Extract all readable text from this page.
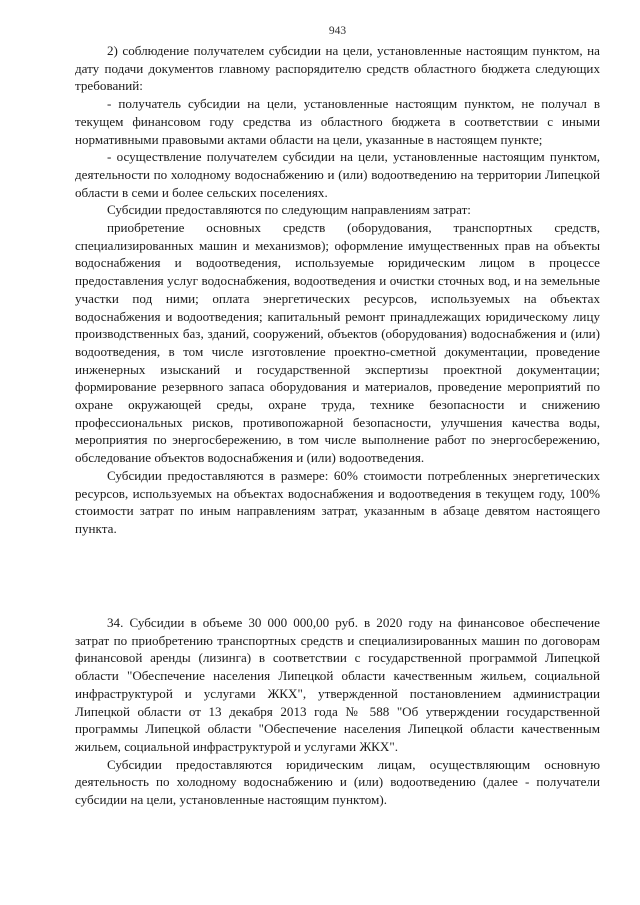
943

2) соблюдение получателем субсидии на цели, установленные настоящим пунктом, на дату подачи документов главному распорядителю средств областного бюджета следующих требований:

- получатель субсидии на цели, установленные настоящим пунктом, не получал в текущем финансовом году средства из областного бюджета в соответствии с иными нормативными правовыми актами области на цели, указанные в настоящем пункте;

- осуществление получателем субсидии на цели, установленные настоящим пунктом, деятельности по холодному водоснабжению и (или) водоотведению на территории Липецкой области в семи и более сельских поселениях.

Субсидии предоставляются по следующим направлениям затрат:

приобретение основных средств (оборудования, транспортных средств, специализированных машин и механизмов); оформление имущественных прав на объекты водоснабжения и водоотведения, используемые юридическим лицом в процессе предоставления услуг водоснабжения, водоотведения и очистки сточных вод, и на земельные участки под ними; оплата энергетических ресурсов, используемых на объектах водоснабжения и водоотведения; капитальный ремонт принадлежащих юридическому лицу производственных баз, зданий, сооружений, объектов (оборудования) водоснабжения и (или) водоотведения, в том числе изготовление проектно-сметной документации, проведение инженерных изысканий и государственной экспертизы проектной документации; формирование резервного запаса оборудования и материалов, проведение мероприятий по охране окружающей среды, охране труда, технике безопасности и снижению профессиональных рисков, противопожарной безопасности, улучшения качества воды, мероприятия по энергосбережению, в том числе выполнение работ по энергосбережению, обследование объектов водоснабжения и (или) водоотведения.

Субсидии предоставляются в размере: 60% стоимости потребленных энергетических ресурсов, используемых на объектах водоснабжения и водоотведения в текущем году, 100% стоимости затрат по иным направлениям затрат, указанным в абзаце девятом настоящего пункта.

34. Субсидии в объеме 30 000 000,00 руб. в 2020 году на финансовое обеспечение затрат по приобретению транспортных средств и специализированных машин по договорам финансовой аренды (лизинга) в соответствии с государственной программой Липецкой области "Обеспечение населения Липецкой области качественным жильем, социальной инфраструктурой и услугами ЖКХ", утвержденной постановлением администрации Липецкой области от 13 декабря 2013 года № 588 "Об утверждении государственной программы Липецкой области "Обеспечение населения Липецкой области качественным жильем, социальной инфраструктурой и услугами ЖКХ".

Субсидии предоставляются юридическим лицам, осуществляющим основную деятельность по холодному водоснабжению и (или) водоотведению (далее - получатели субсидии на цели, установленные настоящим пунктом).
